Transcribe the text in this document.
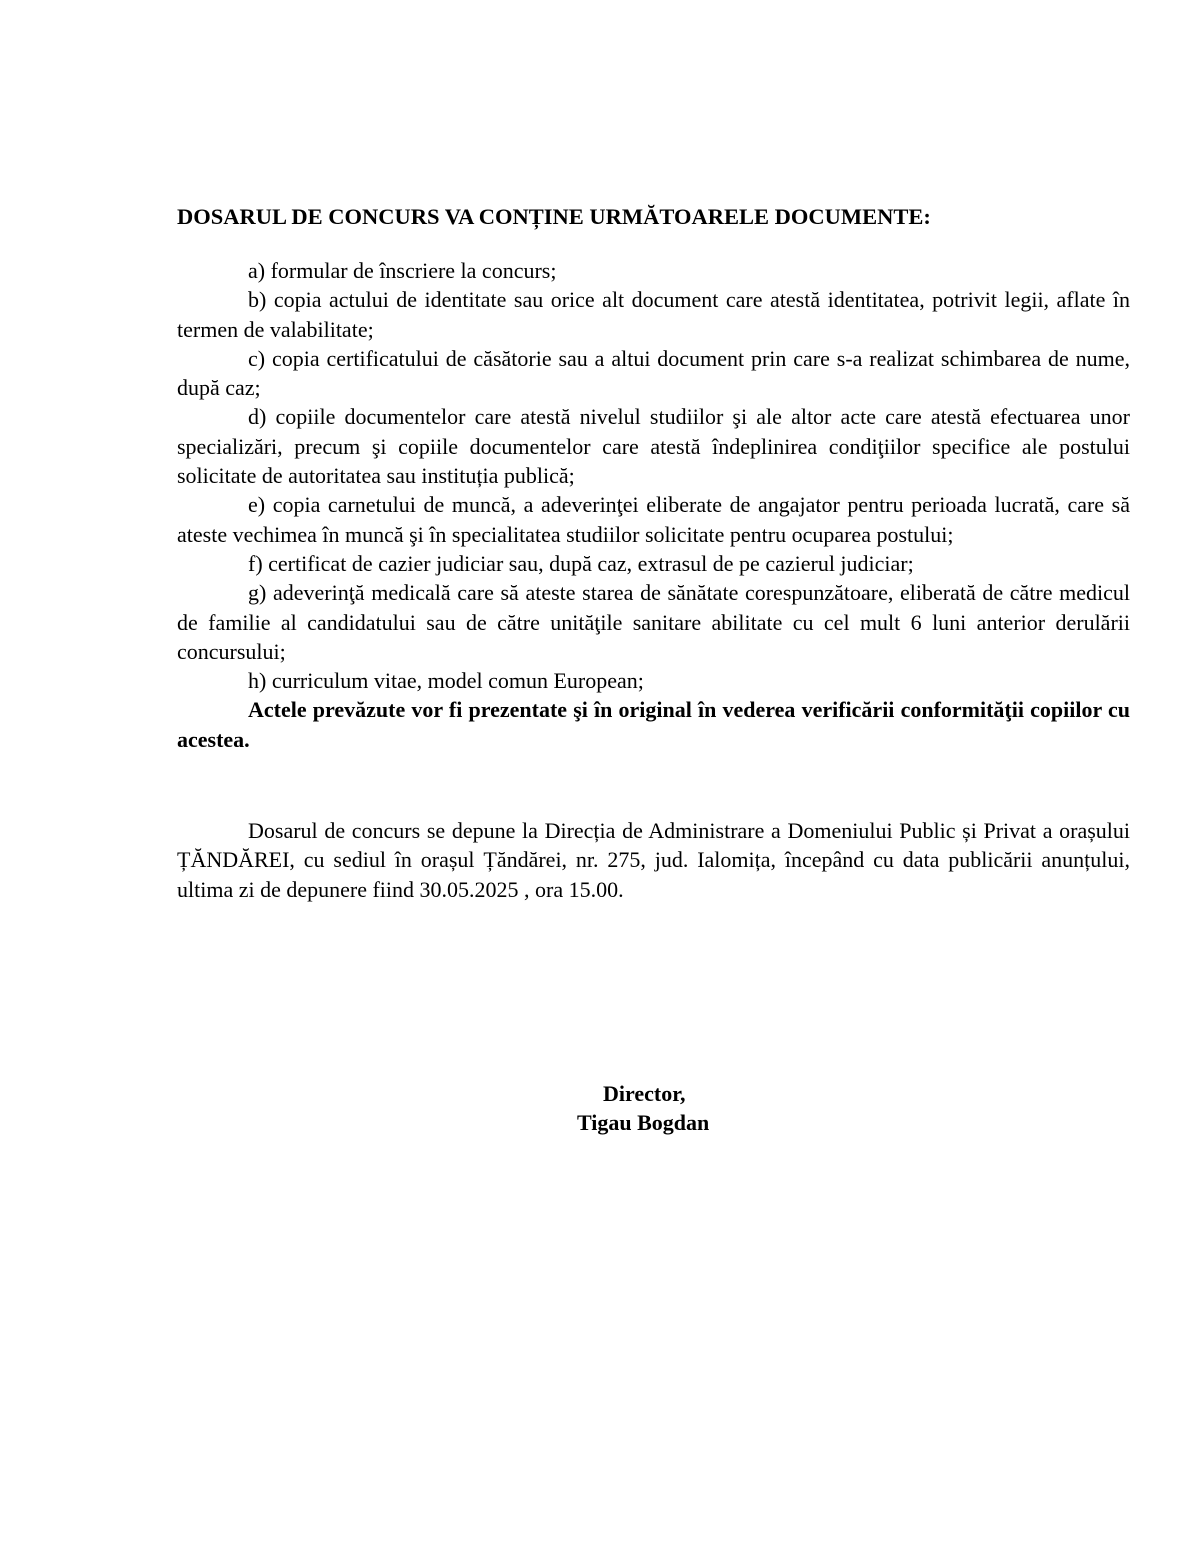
DOSARUL DE CONCURS VA CONȚINE URMĂTOARELE DOCUMENTE:

a) formular de înscriere la concurs;

b) copia actului de identitate sau orice alt document care atestă identitatea, potrivit legii, aflate în termen de valabilitate;

c) copia certificatului de căsătorie sau a altui document prin care s-a realizat schimbarea de nume, după caz;

d) copiile documentelor care atestă nivelul studiilor şi ale altor acte care atestă efectuarea unor specializări, precum şi copiile documentelor care atestă îndeplinirea condiţiilor specifice ale postului solicitate de autoritatea sau instituția publică;

e) copia carnetului de muncă, a adeverinţei eliberate de angajator pentru perioada lucrată, care să ateste vechimea în muncă şi în specialitatea studiilor solicitate pentru ocuparea postului;

f) certificat de cazier judiciar sau, după caz, extrasul de pe cazierul judiciar;

g) adeverinţă medicală care să ateste starea de sănătate corespunzătoare, eliberată de către medicul de familie al candidatului sau de către unităţile sanitare abilitate cu cel mult 6 luni anterior derulării concursului;

h) curriculum vitae, model comun European;

Actele prevăzute vor fi prezentate şi în original în vederea verificării conformităţii copiilor cu acestea.

Dosarul de concurs se depune la Direcția de Administrare a Domeniului Public și Privat a orașului ȚĂNDĂREI, cu sediul în orașul Țăndărei, nr. 275, jud. Ialomița, începând cu data publicării anunțului, ultima zi de depunere fiind 30.05.2025 , ora 15.00.

Director,
Tigau Bogdan
